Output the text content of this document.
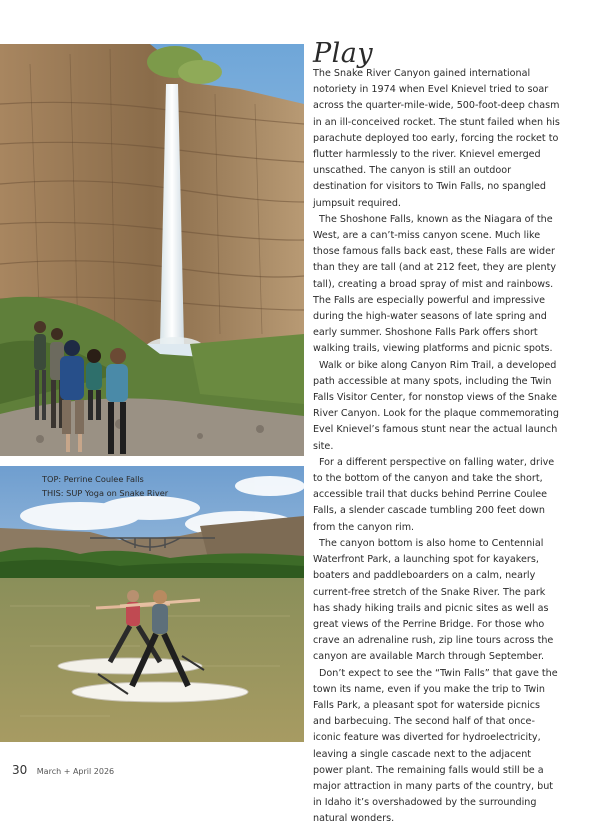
TOP: Perrine Coulee Falls
THIS: SUP Yoga on Snake River
Play

The Snake River Canyon gained international notoriety in 1974 when Evel Knievel tried to soar across the quarter-mile-wide, 500-foot-deep chasm in an ill-conceived rocket. The stunt failed when his parachute deployed too early, forcing the rocket to flutter harmlessly to the river. Knievel emerged unscathed. The canyon is still an outdoor destination for visitors to Twin Falls, no spangled jumpsuit required.

The Shoshone Falls, known as the Niagara of the West, are a can’t-miss canyon scene. Much like those famous falls back east, these Falls are wider than they are tall (and at 212 feet, they are plenty tall), creating a broad spray of mist and rainbows. The Falls are especially powerful and impressive during the high-water seasons of late spring and early summer. Shoshone Falls Park offers short walking trails, viewing platforms and picnic spots.

Walk or bike along Canyon Rim Trail, a developed path accessible at many spots, including the Twin Falls Visitor Center, for nonstop views of the Snake River Canyon. Look for the plaque commemorating Evel Knievel’s famous stunt near the actual launch site.

For a different perspective on falling water, drive to the bottom of the canyon and take the short, accessible trail that ducks behind Perrine Coulee Falls, a slender cascade tumbling 200 feet down from the canyon rim.

The canyon bottom is also home to Centennial Waterfront Park, a launching spot for kayakers, boaters and paddleboarders on a calm, nearly current-free stretch of the Snake River. The park has shady hiking trails and picnic sites as well as great views of the Perrine Bridge. For those who crave an adrenaline rush, zip line tours across the canyon are available March through September.

Don’t expect to see the “Twin Falls” that gave the town its name, even if you make the trip to Twin Falls Park, a pleasant spot for waterside picnics and barbecuing. The second half of that once-iconic feature was diverted for hydroelectricity, leaving a single cascade next to the adjacent power plant. The remaining falls would still be a major attraction in many parts of the country, but in Idaho it’s overshadowed by the surrounding natural wonders.

30 March + April 2026
